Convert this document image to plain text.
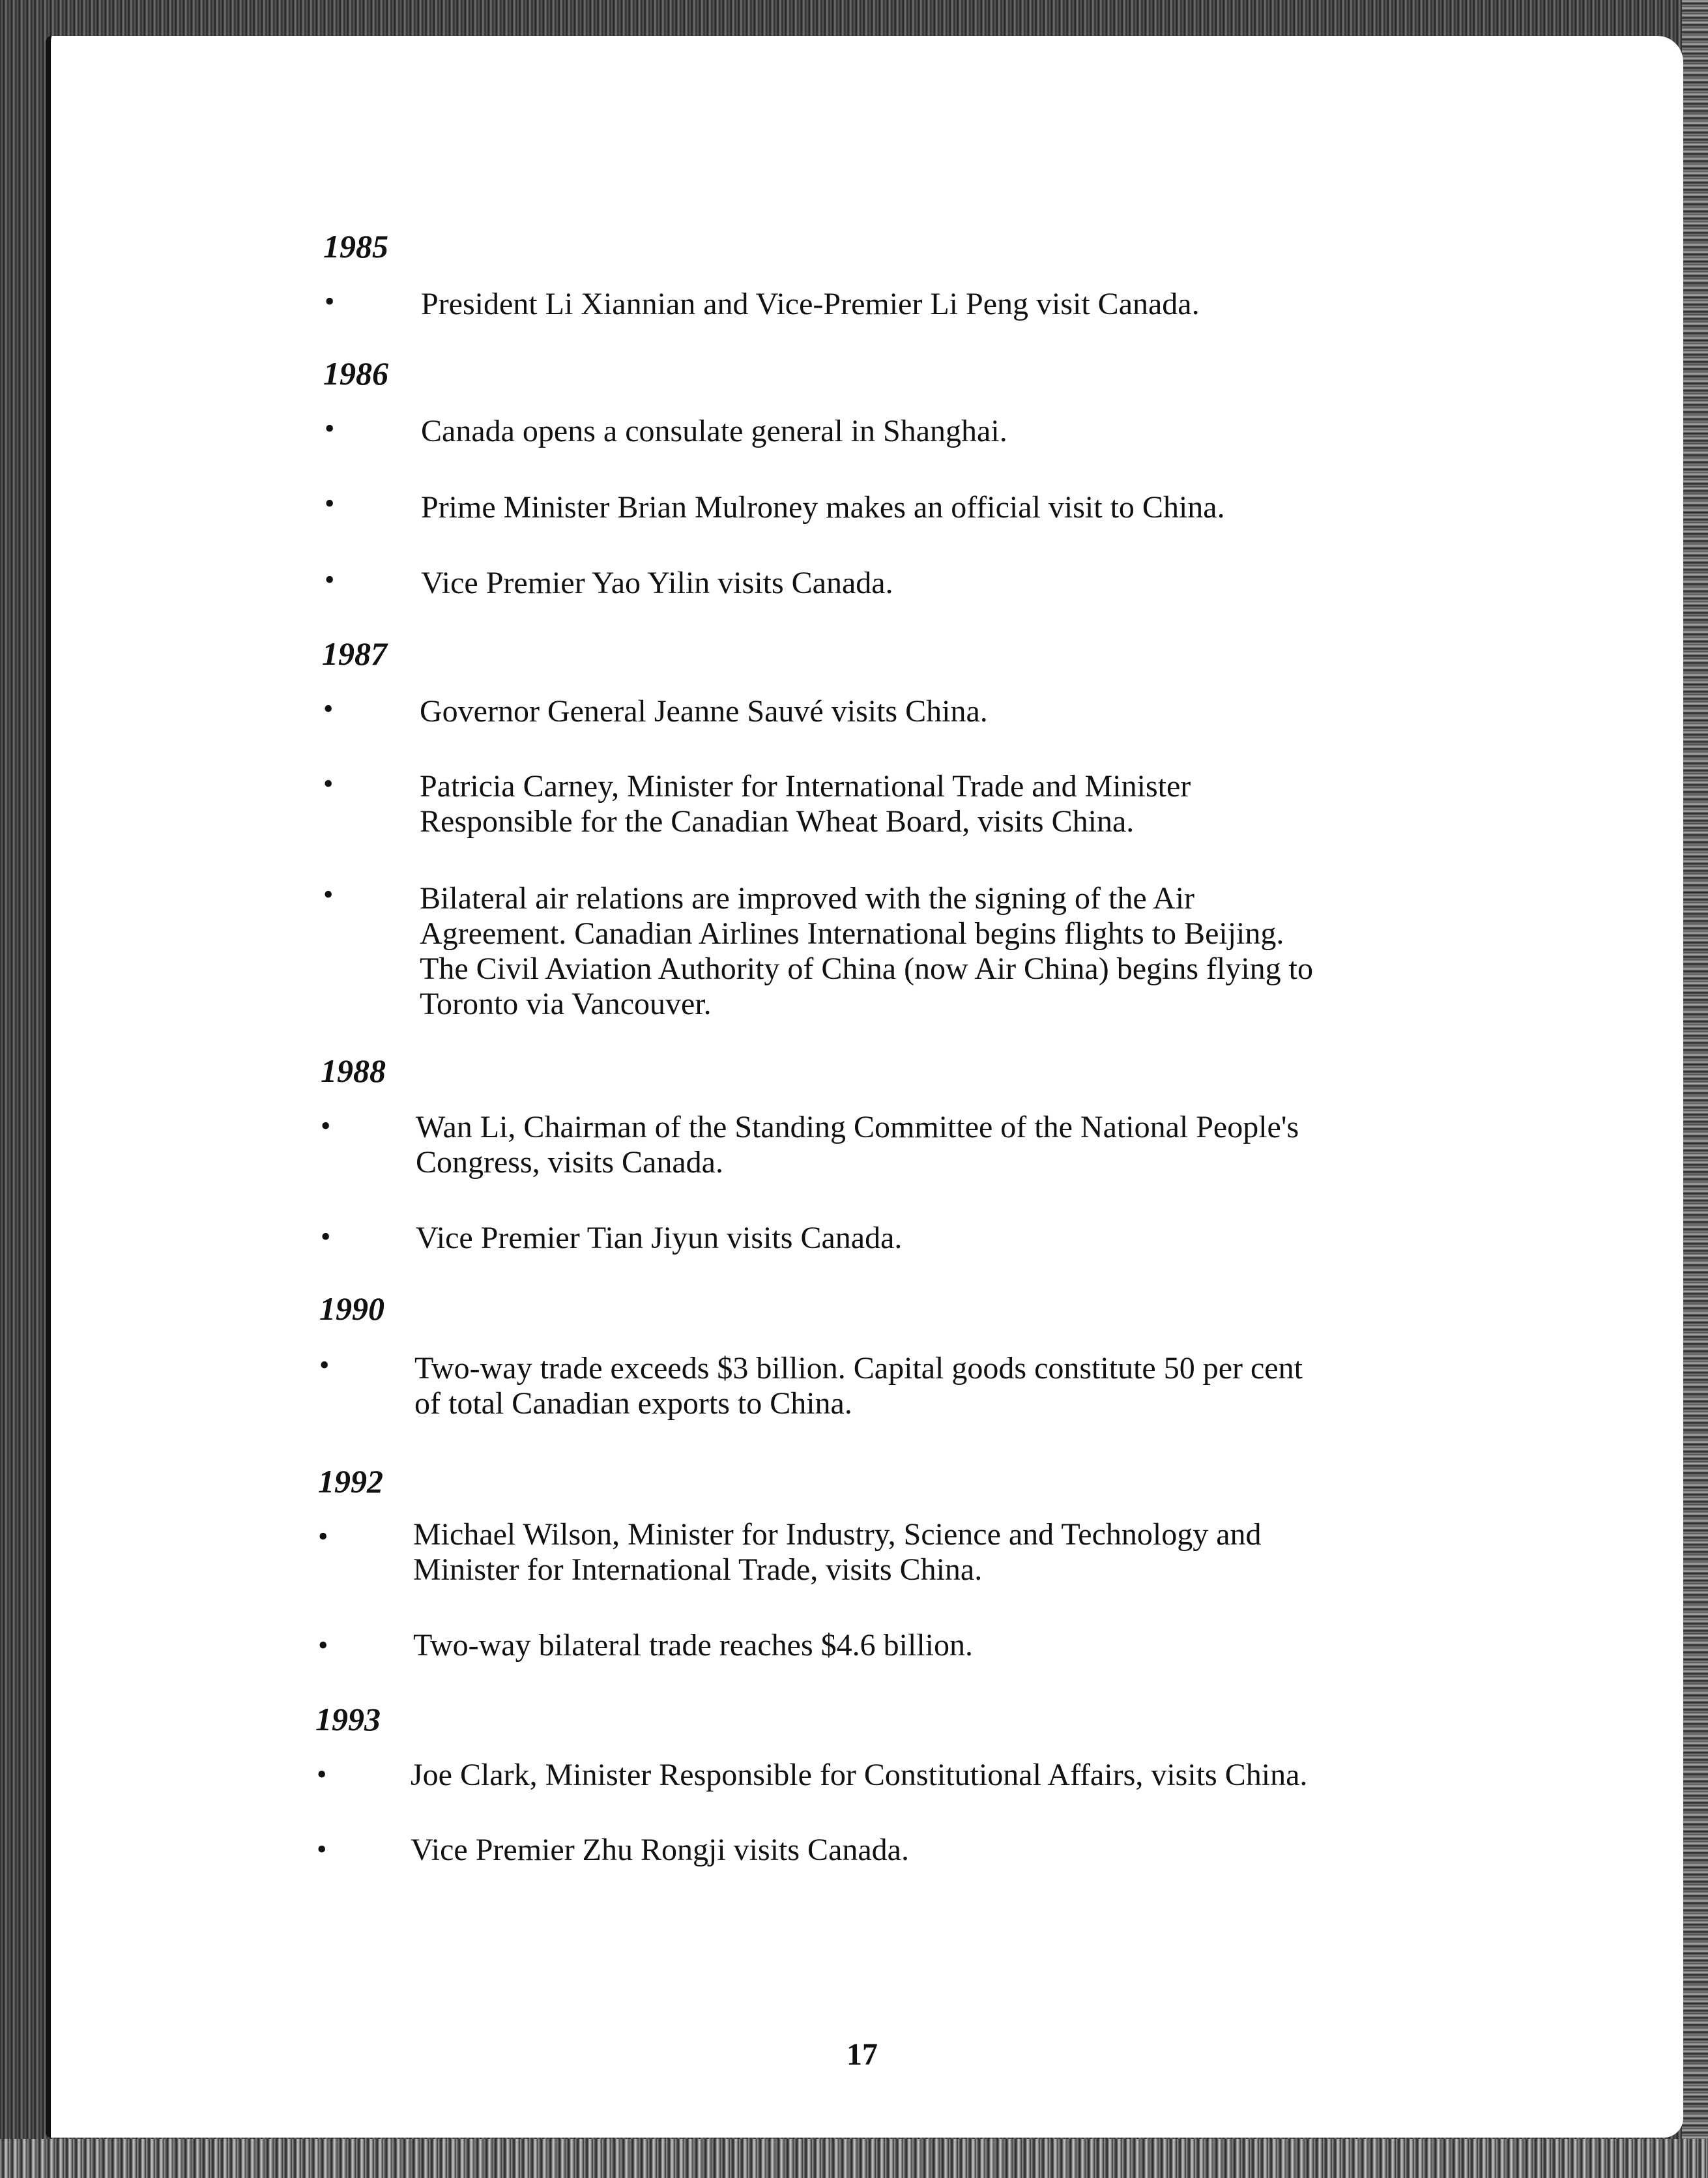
1985
•	President Li Xiannian and Vice-Premier Li Peng visit Canada.
1986
•	Canada opens a consulate general in Shanghai.
•	Prime Minister Brian Mulroney makes an official visit to China.
•	Vice Premier Yao Yilin visits Canada.
1987
•	Governor General Jeanne Sauvé visits China.
•	Patricia Carney, Minister for International Trade and Minister
Responsible for the Canadian Wheat Board, visits China.
•	Bilateral air relations are improved with the signing of the Air
Agreement. Canadian Airlines International begins flights to Beijing.
The Civil Aviation Authority of China (now Air China) begins flying to
Toronto via Vancouver.
1988
•	Wan Li, Chairman of the Standing Committee of the National People's
Congress, visits Canada.
•	Vice Premier Tian Jiyun visits Canada.
1990
•	Two-way trade exceeds $3 billion. Capital goods constitute 50 per cent
of total Canadian exports to China.
1992
•	Michael Wilson, Minister for Industry, Science and Technology and
Minister for International Trade, visits China.
•	Two-way bilateral trade reaches $4.6 billion.
1993
•	Joe Clark, Minister Responsible for Constitutional Affairs, visits China.
•	Vice Premier Zhu Rongji visits Canada.
17
